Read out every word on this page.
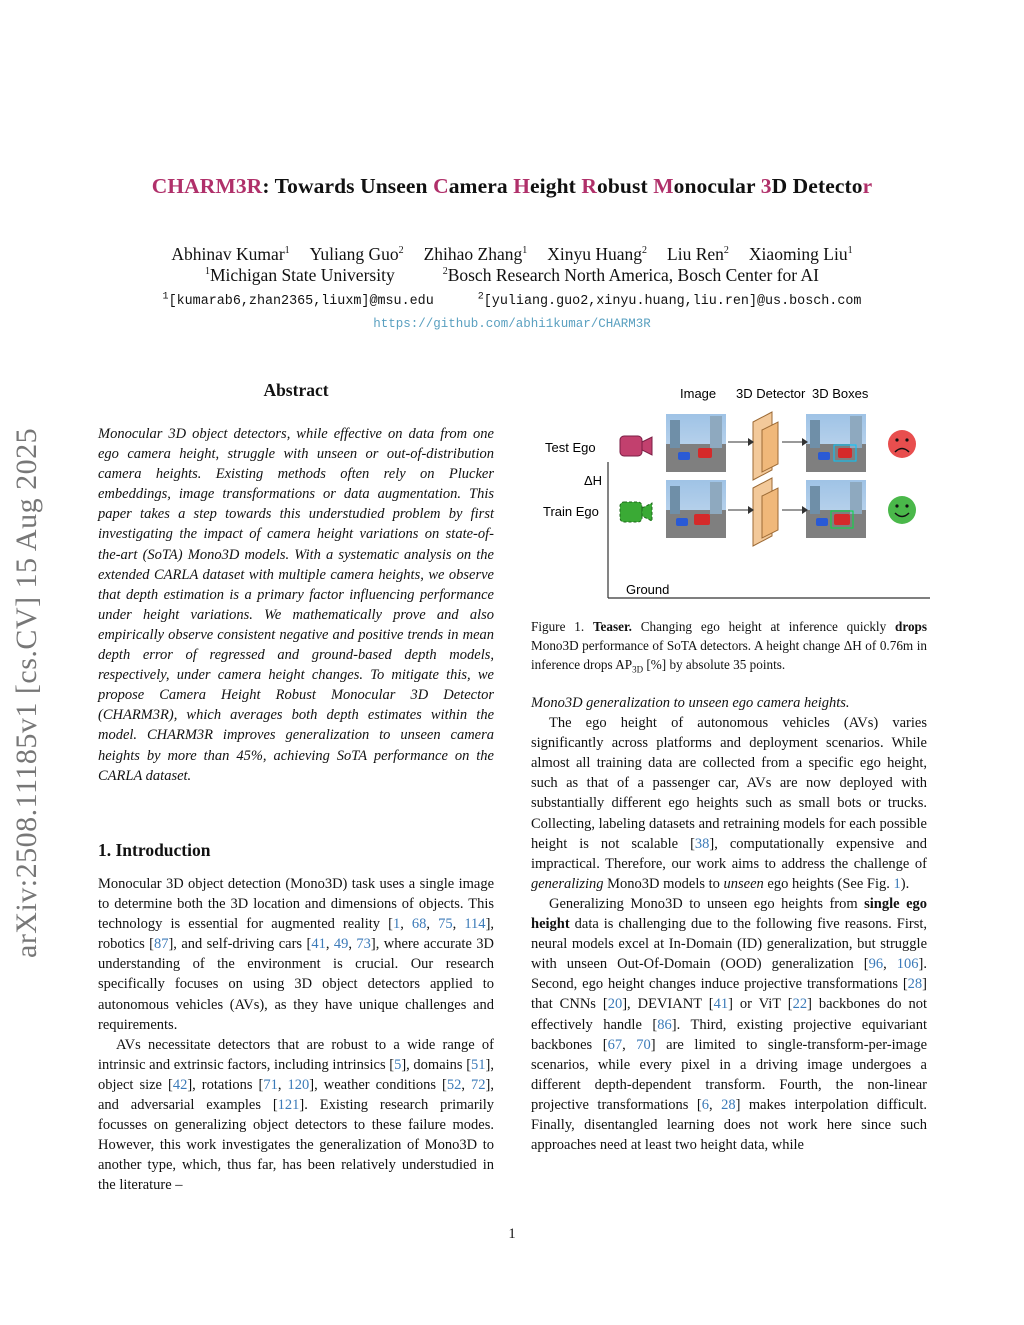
CHARM3R: Towards Unseen Camera Height Robust Monocular 3D Detector
Abhinav Kumar$^1$ Yuliang Guo$^2$ Zhihao Zhang$^1$ Xinyu Huang$^2$ Liu Ren$^2$ Xiaoming Liu$^1$
$^1$Michigan State University	$^2$Bosch Research North America, Bosch Center for AI
$^1$[kumarab6,zhan2365,liuxm]@msu.edu	$^2$[yuliang.guo2,xinyu.huang,liu.ren]@us.bosch.com
https://github.com/abhi1kumar/CHARM3R
arXiv:2508.11185v1 [cs.CV] 15 Aug 2025
Abstract
Monocular 3D object detectors, while effective on data from one ego camera height, struggle with unseen or out-of-distribution camera heights. Existing methods often rely on Plucker embeddings, image transformations or data augmentation. This paper takes a step towards this understudied problem by first investigating the impact of camera height variations on state-of-the-art (SoTA) Mono3D models. With a systematic analysis on the extended CARLA dataset with multiple camera heights, we observe that depth estimation is a primary factor influencing performance under height variations. We mathematically prove and also empirically observe consistent negative and positive trends in mean depth error of regressed and ground-based depth models, respectively, under camera height changes. To mitigate this, we propose Camera Height Robust Monocular 3D Detector (CHARM3R), which averages both depth estimates within the model. CHARM3R improves generalization to unseen camera heights by more than 45%, achieving SoTA performance on the CARLA dataset.
1. Introduction

Monocular 3D object detection (Mono3D) task uses a single image to determine both the 3D location and dimensions of objects. This technology is essential for augmented reality [1, 68, 75, 114], robotics [87], and self-driving cars [41, 49, 73], where accurate 3D understanding of the environment is crucial. Our research specifically focuses on using 3D object detectors applied to autonomous vehicles (AVs), as they have unique challenges and requirements.

AVs necessitate detectors that are robust to a wide range of intrinsic and extrinsic factors, including intrinsics [5], domains [51], object size [42], rotations [71, 120], weather conditions [52, 72], and adversarial examples [121]. Existing research primarily focusses on generalizing object detectors to these failure modes. However, this work investigates the generalization of Mono3D to another type, which, thus far, has been relatively understudied in the literature –

Image 3D Detector 3D Boxes
Test Ego
ΔH
Train Ego
Ground
Figure 1. Teaser. Changing ego height at inference quickly drops Mono3D performance of SoTA detectors. A height change ΔH of 0.76m in inference drops $AP_{3D}$ [%] by absolute 35 points.

Mono3D generalization to unseen ego camera heights.

The ego height of autonomous vehicles (AVs) varies significantly across platforms and deployment scenarios. While almost all training data are collected from a specific ego height, such as that of a passenger car, AVs are now deployed with substantially different ego heights such as small bots or trucks. Collecting, labeling datasets and retraining models for each possible height is not scalable [38], computationally expensive and impractical. Therefore, our work aims to address the challenge of generalizing Mono3D models to unseen ego heights (See Fig. 1).

Generalizing Mono3D to unseen ego heights from single ego height data is challenging due to the following five reasons. First, neural models excel at In-Domain (ID) generalization, but struggle with unseen Out-Of-Domain (OOD) generalization [96, 106]. Second, ego height changes induce projective transformations [28] that CNNs [20], DEVIANT [41] or ViT [22] backbones do not effectively handle [86]. Third, existing projective equivariant backbones [67, 70] are limited to single-transform-per-image scenarios, while every pixel in a driving image undergoes a different depth-dependent transform. Fourth, the non-linear projective transformations [6, 28] makes interpolation difficult. Finally, disentangled learning does not work here since such approaches need at least two height data, while

1
